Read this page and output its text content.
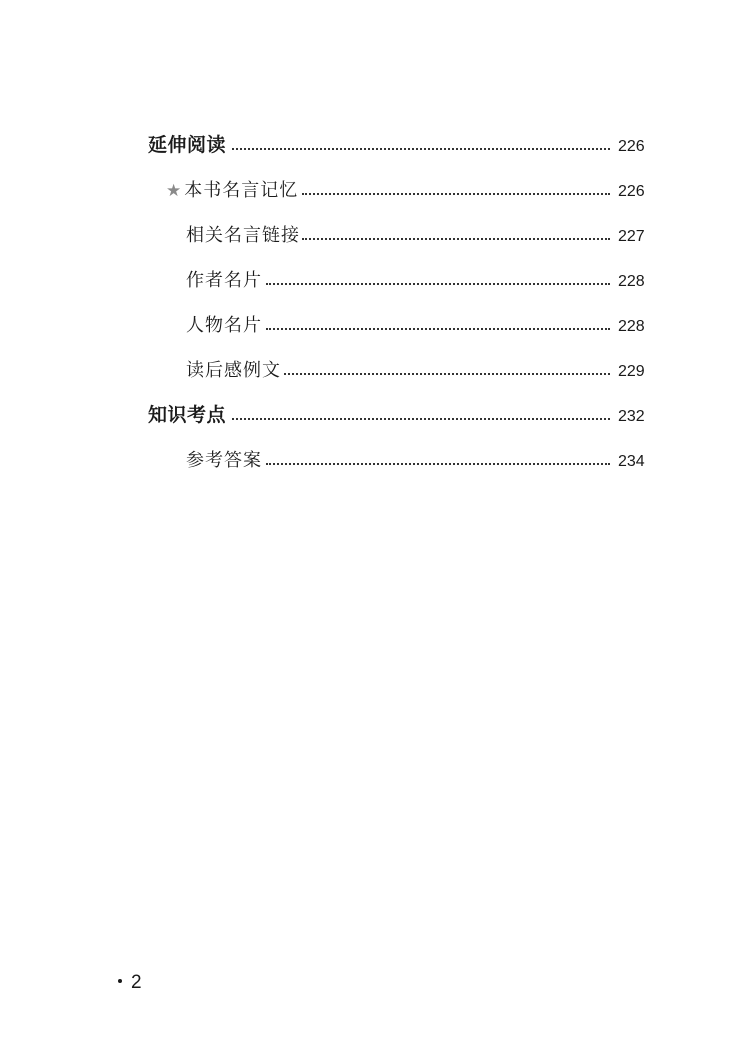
延伸阅读	226
★ 本书名言记忆	226
相关名言链接	227
作者名片	228
人物名片	228
读后感例文	229
知识考点	232
参考答案	234
2
